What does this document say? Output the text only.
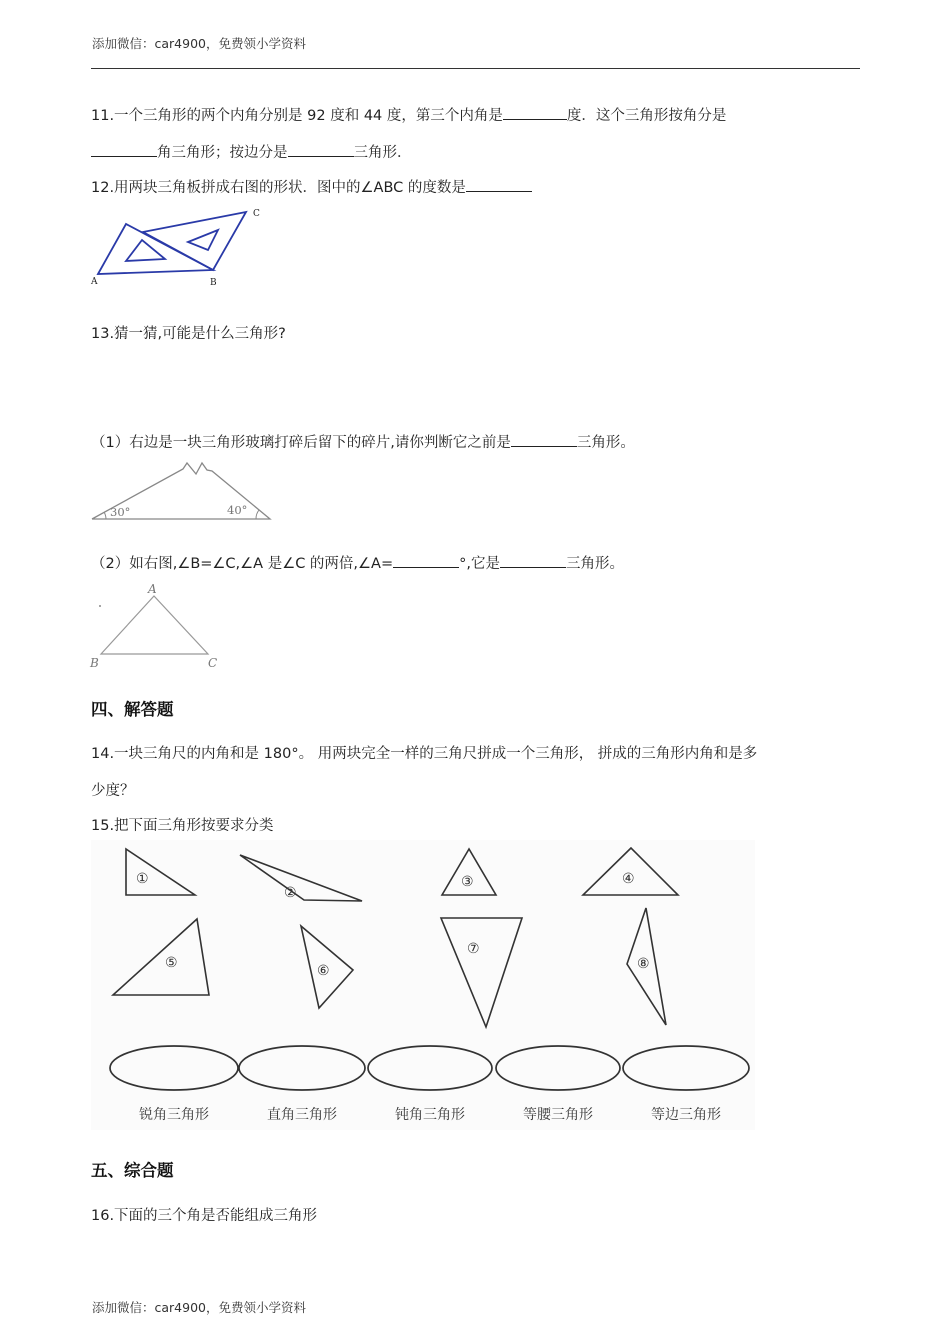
添加微信：car4900，免费领小学资料
11.一个三角形的两个内角分别是 92 度和 44 度，第三个内角是	度．这个三角形按角分是
角三角形；按边分是	三角形．
12.用两块三角板拼成右图的形状．图中的∠ABC 的度数是
A	B
C
13.猜一猜,可能是什么三角形?
（1）右边是一块三角形玻璃打碎后留下的碎片,请你判断它之前是	三角形。
30°	40°
（2）如右图,∠B=∠C,∠A 是∠C 的两倍,∠A=	°,它是	三角形。
A
B	C
四、解答题
14.一块三角尺的内角和是 180°。 用两块完全一样的三角尺拼成一个三角形， 拼成的三角形内角和是多
少度？
15.把下面三角形按要求分类
①
②
③	④
⑤	⑥
⑦
⑧
锐角三角形	直角三角形	钝角三角形	等腰三角形	等边三角形
五、综合题
16.下面的三个角是否能组成三角形
添加微信：car4900，免费领小学资料
